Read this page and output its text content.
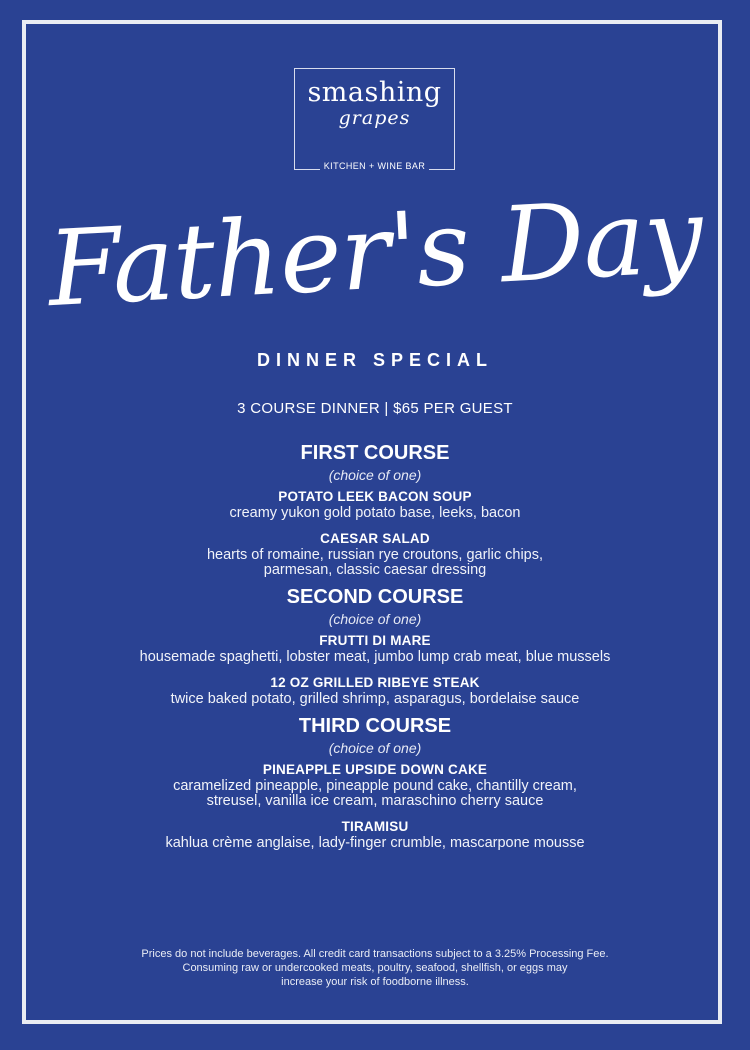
smashing
grapes
KITCHEN + WINE BAR
Father's Day
DINNER SPECIAL
3 COURSE DINNER | $65 PER GUEST
FIRST COURSE
(choice of one)
POTATO LEEK BACON SOUP
creamy yukon gold potato base, leeks, bacon
CAESAR SALAD
hearts of romaine, russian rye croutons, garlic chips,
parmesan, classic caesar dressing
SECOND COURSE
(choice of one)
FRUTTI DI MARE
housemade spaghetti, lobster meat, jumbo lump crab meat, blue mussels
12 OZ GRILLED RIBEYE STEAK
twice baked potato, grilled shrimp, asparagus, bordelaise sauce
THIRD COURSE
(choice of one)
PINEAPPLE UPSIDE DOWN CAKE
caramelized pineapple, pineapple pound cake, chantilly cream,
streusel, vanilla ice cream, maraschino cherry sauce
TIRAMISU
kahlua crème anglaise, lady-finger crumble, mascarpone mousse
Prices do not include beverages. All credit card transactions subject to a 3.25% Processing Fee.
Consuming raw or undercooked meats, poultry, seafood, shellfish, or eggs may
increase your risk of foodborne illness.
